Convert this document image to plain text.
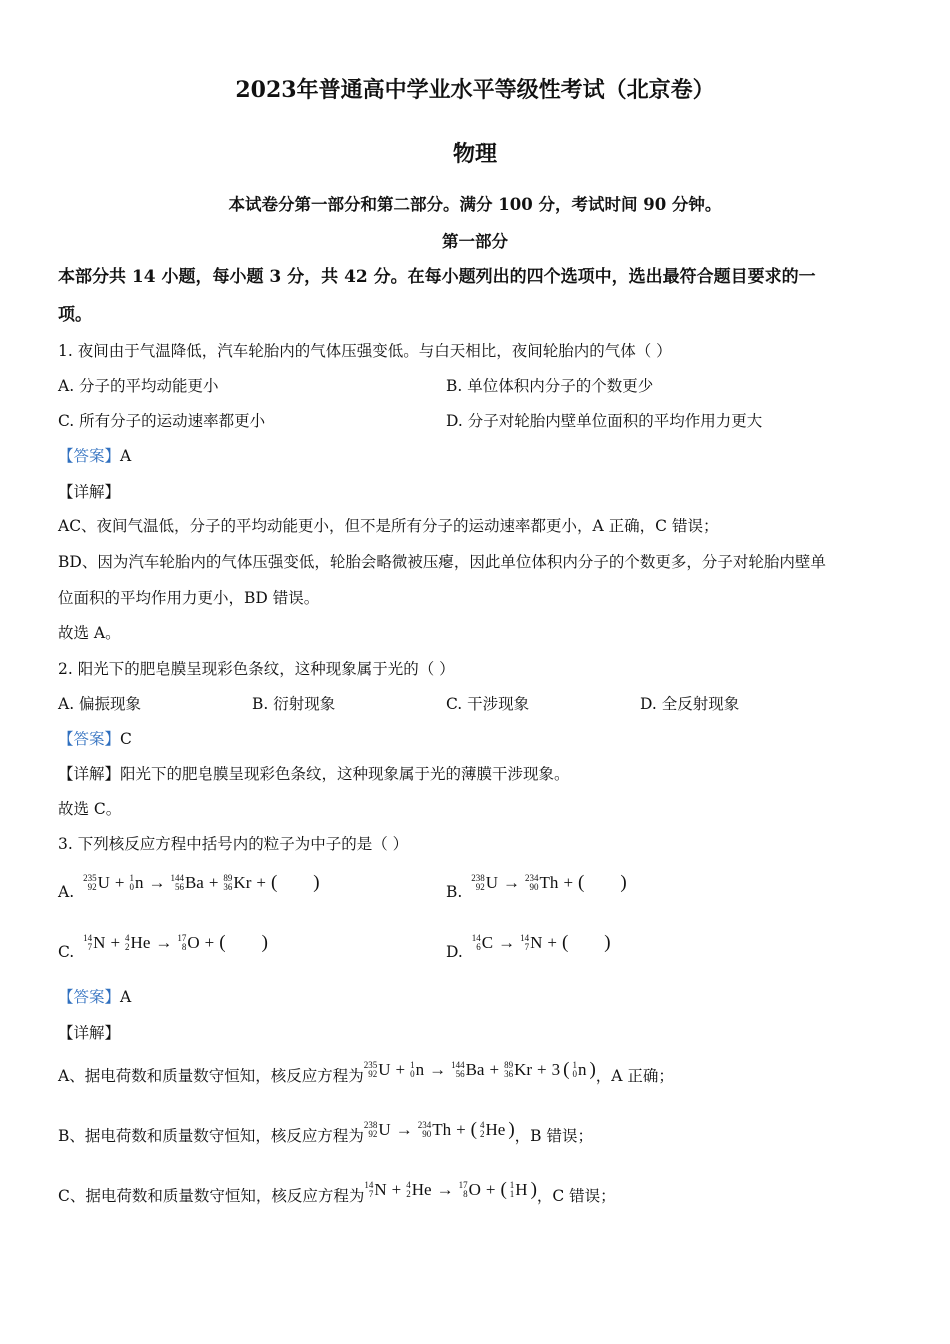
2023年普通高中学业水平等级性考试（北京卷）
物理
本试卷分第一部分和第二部分。满分 100 分，考试时间 90 分钟。
第一部分
本部分共 14 小题，每小题 3 分，共 42 分。在每小题列出的四个选项中，选出最符合题目要求的一
项。
1. 夜间由于气温降低，汽车轮胎内的气体压强变低。与白天相比，夜间轮胎内的气体（ ）
A. 分子的平均动能更小	B. 单位体积内分子的个数更少
C. 所有分子的运动速率都更小	D. 分子对轮胎内壁单位面积的平均作用力更大
【答案】A
【详解】
AC、夜间气温低，分子的平均动能更小，但不是所有分子的运动速率都更小，A 正确，C 错误；
BD、因为汽车轮胎内的气体压强变低，轮胎会略微被压瘪，因此单位体积内分子的个数更多，分子对轮胎内壁单
位面积的平均作用力更小，BD 错误。
故选 A。
2. 阳光下的肥皂膜呈现彩色条纹，这种现象属于光的（ ）
A. 偏振现象	B. 衍射现象	C. 干涉现象	D. 全反射现象
【答案】C
【详解】阳光下的肥皂膜呈现彩色条纹，这种现象属于光的薄膜干涉现象。
故选 C。
3. 下列核反应方程中括号内的粒子为中子的是（ ）
A.
235
92 U + 1
0 n → 144
56 Ba + 89
36 Kr + ( )	B.
238
92 U → 234
90 Th + ( )
C.
14
7 N + 4
2 He → 17
8 O + ( )	D.
14
6 C → 14
7 N + ( )
【答案】A
【详解】
A、据电荷数和质量数守恒知，核反应方程为
235
92 U + 1
0 n → 144
56 Ba + 89
36 Kr + 3 ( 1
0 n ) ，A 正确；
B、据电荷数和质量数守恒知，核反应方程为
238
92 U → 234
90 Th + ( 4
2 He ) ，B 错误；
C、据电荷数和质量数守恒知，核反应方程为
14
7 N + 4
2 He → 17
8 O + ( 1
1 H ) ，C 错误；
